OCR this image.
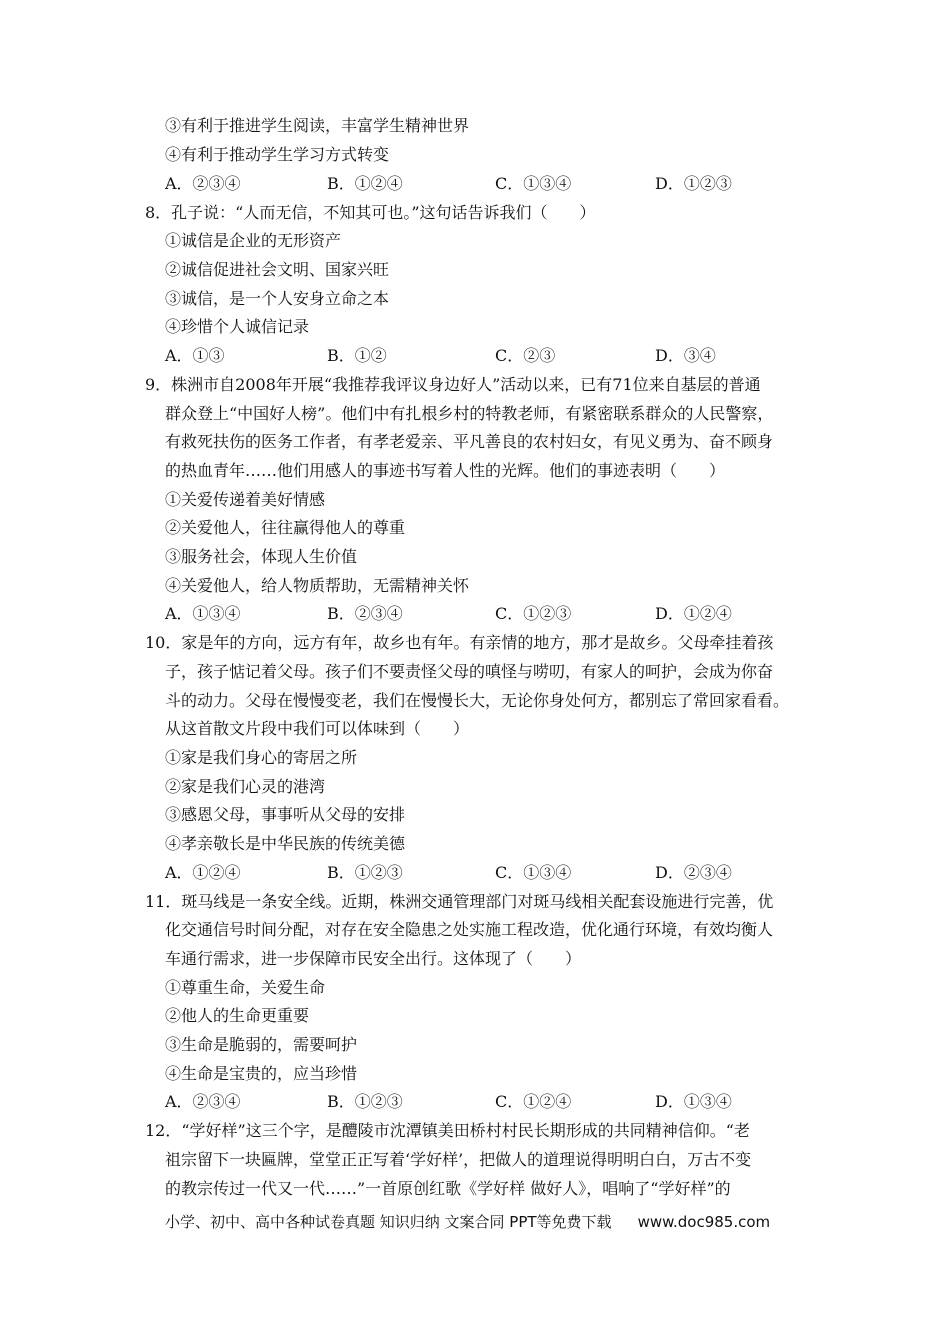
③有利于推进学生阅读，丰富学生精神世界
④有利于推动学生学习方式转变
A．②③④	B．①②④	C．①③④	D．①②③
8．孔子说：“人而无信，不知其可也。”这句话告诉我们（　　）
①诚信是企业的无形资产
②诚信促进社会文明、国家兴旺
③诚信，是一个人安身立命之本
④珍惜个人诚信记录
A．①③	B．①②	C．②③	D．③④
9．株洲市自2008年开展“我推荐我评议身边好人”活动以来，已有71位来自基层的普通
群众登上“中国好人榜”。他们中有扎根乡村的特教老师，有紧密联系群众的人民警察，
有救死扶伤的医务工作者，有孝老爱亲、平凡善良的农村妇女，有见义勇为、奋不顾身
的热血青年……他们用感人的事迹书写着人性的光辉。他们的事迹表明（　　）
①关爱传递着美好情感
②关爱他人，往往赢得他人的尊重
③服务社会，体现人生价值
④关爱他人，给人物质帮助，无需精神关怀
A．①③④	B．②③④	C．①②③	D．①②④
10．家是年的方向，远方有年，故乡也有年。有亲情的地方，那才是故乡。父母牵挂着孩
子，孩子惦记着父母。孩子们不要责怪父母的嗔怪与唠叨，有家人的呵护，会成为你奋
斗的动力。父母在慢慢变老，我们在慢慢长大，无论你身处何方，都别忘了常回家看看。
从这首散文片段中我们可以体味到（　　）
①家是我们身心的寄居之所
②家是我们心灵的港湾
③感恩父母，事事听从父母的安排
④孝亲敬长是中华民族的传统美德
A．①②④	B．①②③	C．①③④	D．②③④
11．斑马线是一条安全线。近期，株洲交通管理部门对斑马线相关配套设施进行完善，优
化交通信号时间分配，对存在安全隐患之处实施工程改造，优化通行环境，有效均衡人
车通行需求，进一步保障市民安全出行。这体现了（　　）
①尊重生命，关爱生命
②他人的生命更重要
③生命是脆弱的，需要呵护
④生命是宝贵的，应当珍惜
A．②③④	B．①②③	C．①②④	D．①③④
12．“学好样”这三个字，是醴陵市沈潭镇美田桥村村民长期形成的共同精神信仰。“老
祖宗留下一块匾牌，堂堂正正写着‘学好样’，把做人的道理说得明明白白，万古不变
的教宗传过一代又一代……”一首原创红歌《学好样 做好人》，唱响了“学好样”的
小学、初中、高中各种试卷真题 知识归纳 文案合同 PPT等免费下载 www.doc985.com
